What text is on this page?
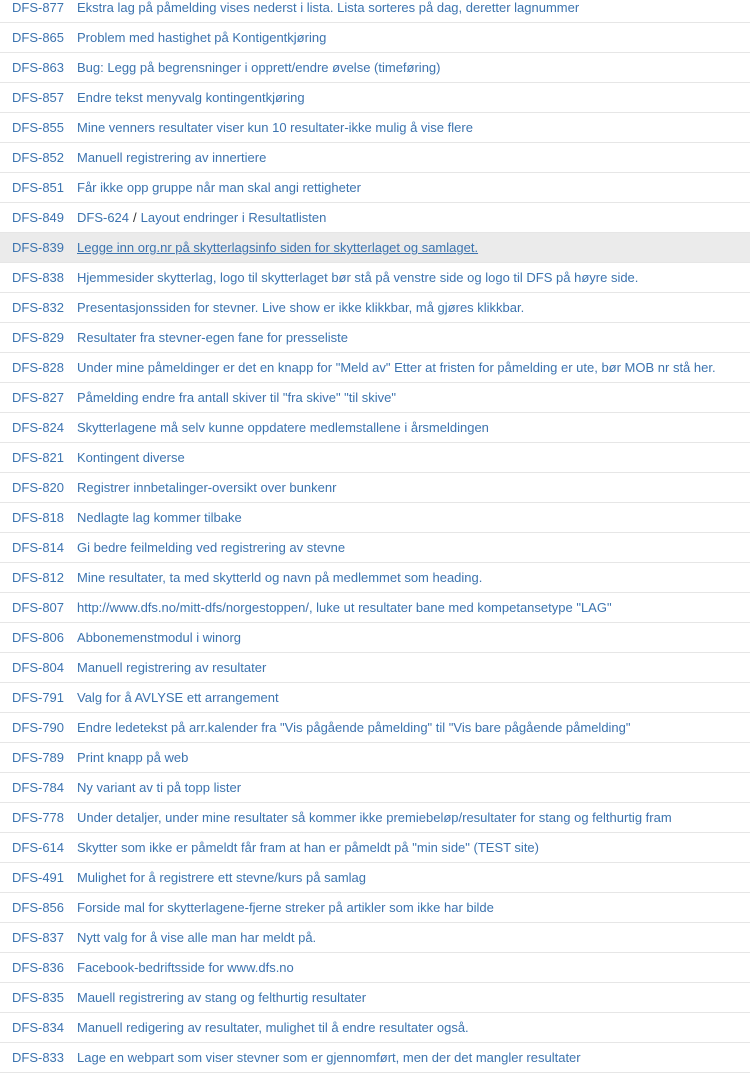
DFS-877 Ekstra lag på påmelding vises nederst i lista. Lista sorteres på dag, deretter lagnummer
DFS-865 Problem med hastighet på Kontigentkjøring
DFS-863 Bug: Legg på begrensninger i opprett/endre øvelse (timeføring)
DFS-857 Endre tekst menyvalg kontingentkjøring
DFS-855 Mine venners resultater viser kun 10 resultater-ikke mulig å vise flere
DFS-852 Manuell registrering av innertiere
DFS-851 Får ikke opp gruppe når man skal angi rettigheter
DFS-849 DFS-624 / Layout endringer i Resultatlisten
DFS-839 Legge inn org.nr på skytterlagsinfo siden for skytterlaget og samlaget.
DFS-838 Hjemmesider skytterlag, logo til skytterlaget bør stå på venstre side og logo til DFS på høyre side.
DFS-832 Presentasjonssiden for stevner. Live show er ikke klikkbar, må gjøres klikkbar.
DFS-829 Resultater fra stevner-egen fane for presseliste
DFS-828 Under mine påmeldinger er det en knapp for "Meld av" Etter at fristen for påmelding er ute, bør MOB nr stå her.
DFS-827 Påmelding endre fra antall skiver til "fra skive" "til skive"
DFS-824 Skytterlagene må selv kunne oppdatere medlemstallene i årsmeldingen
DFS-821 Kontingent diverse
DFS-820 Registrer innbetalinger-oversikt over bunkenr
DFS-818 Nedlagte lag kommer tilbake
DFS-814 Gi bedre feilmelding ved registrering av stevne
DFS-812 Mine resultater, ta med skytterld og navn på medlemmet som heading.
DFS-807 http://www.dfs.no/mitt-dfs/norgestoppen/, luke ut resultater bane med kompetansetype "LAG"
DFS-806 Abbonemenstmodul i winorg
DFS-804 Manuell registrering av resultater
DFS-791 Valg for å AVLYSE ett arrangement
DFS-790 Endre ledetekst på arr.kalender fra "Vis pågående påmelding" til "Vis bare pågående påmelding"
DFS-789 Print knapp på web
DFS-784 Ny variant av ti på topp lister
DFS-778 Under detaljer, under mine resultater så kommer ikke premiebeløp/resultater for stang og felthurtig fram
DFS-614 Skytter som ikke er påmeldt får fram at han er påmeldt på "min side" (TEST site)
DFS-491 Mulighet for å registrere ett stevne/kurs på samlag
DFS-856 Forside mal for skytterlagene-fjerne streker på artikler som ikke har bilde
DFS-837 Nytt valg for å vise alle man har meldt på.
DFS-836 Facebook-bedriftsside for www.dfs.no
DFS-835 Mauell registrering av stang og felthurtig resultater
DFS-834 Manuell redigering av resultater, mulighet til å endre resultater også.
DFS-833 Lage en webpart som viser stevner som er gjennomført, men der det mangler resultater
